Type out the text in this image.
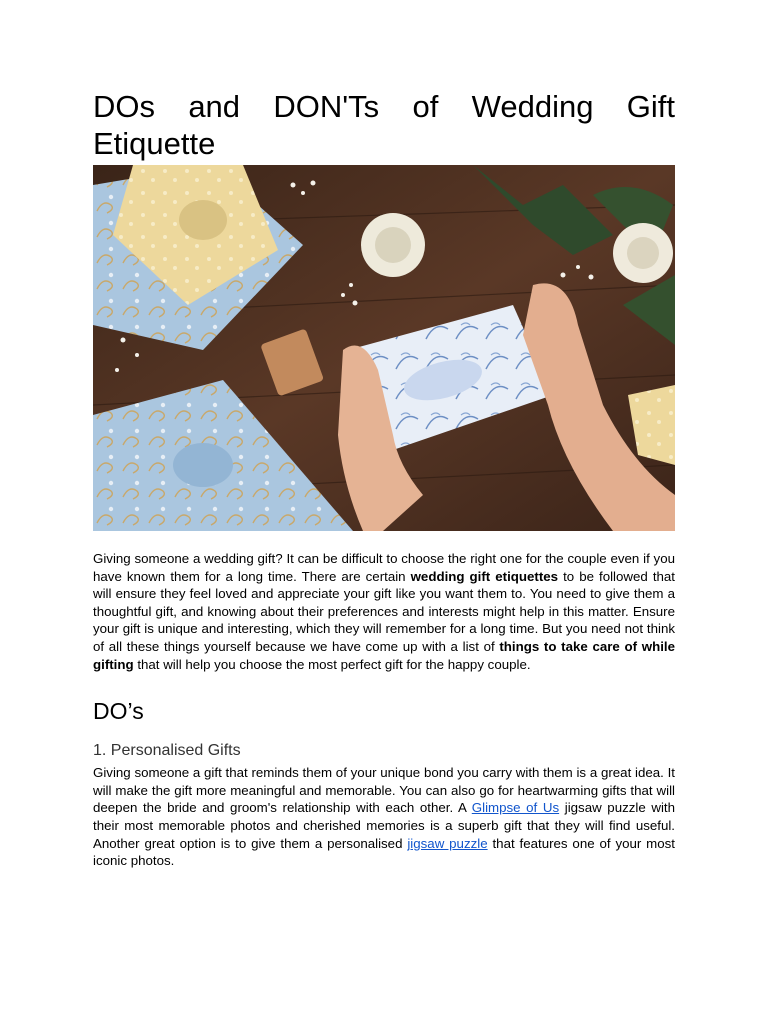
DOs and DON'Ts of Wedding Gift Etiquette

Giving someone a wedding gift? It can be difficult to choose the right one for the couple even if you have known them for a long time. There are certain wedding gift etiquettes to be followed that will ensure they feel loved and appreciate your gift like you want them to. You need to give them a thoughtful gift, and knowing about their preferences and interests might help in this matter. Ensure your gift is unique and interesting, which they will remember for a long time. But you need not think of all these things yourself because we have come up with a list of things to take care of while gifting that will help you choose the most perfect gift for the happy couple.

DO’s
1. Personalised Gifts

Giving someone a gift that reminds them of your unique bond you carry with them is a great idea. It will make the gift more meaningful and memorable. You can also go for heartwarming gifts that will deepen the bride and groom's relationship with each other. A Glimpse of Us jigsaw puzzle with their most memorable photos and cherished memories is a superb gift that they will find useful. Another great option is to give them a personalised jigsaw puzzle that features one of your most iconic photos.
